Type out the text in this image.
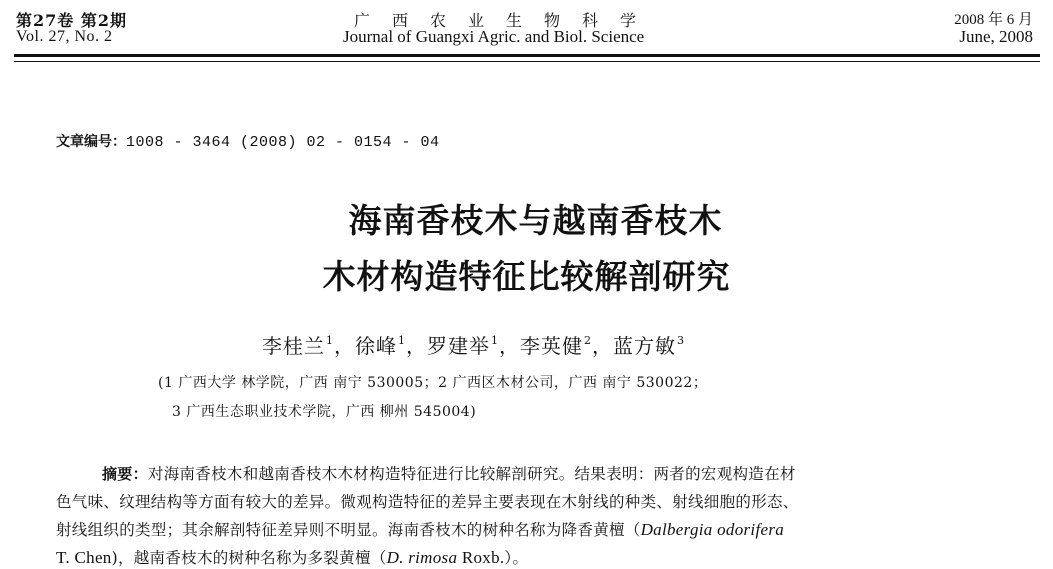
第27卷 第2期
Vol. 27, No. 2
广西农业生物科学
Journal of Guangxi Agric. and Biol. Science
2008 年 6 月
June, 2008
文章编号：1008 - 3464 (2008) 02 - 0154 - 04
海南香枝木与越南香枝木
木材构造特征比较解剖研究
李桂兰$^1$，徐峰$^1$，罗建举$^1$，李英健$^2$，蓝方敏$^3$
(1 广西大学 林学院，广西 南宁 530005；2 广西区木材公司，广西 南宁 530022；
3 广西生态职业技术学院，广西 柳州 545004)
摘要：对海南香枝木和越南香枝木木材构造特征进行比较解剖研究。结果表明：两者的宏观构造在材
色气味、纹理结构等方面有较大的差异。微观构造特征的差异主要表现在木射线的种类、射线细胞的形态、
射线组织的类型；其余解剖特征差异则不明显。海南香枝木的树种名称为降香黄檀（Dalbergia odorifera
T. Chen)，越南香枝木的树种名称为多裂黄檀（D. rimosa Roxb.）。
